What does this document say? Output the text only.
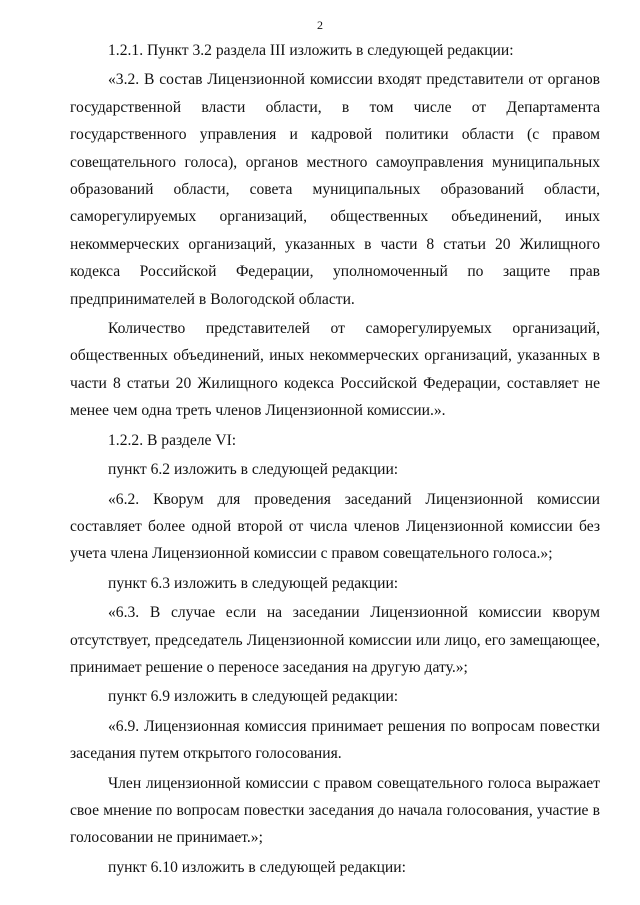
2

1.2.1. Пункт 3.2 раздела III изложить в следующей редакции:

«3.2. В состав Лицензионной комиссии входят представители от органов государственной власти области, в том числе от Департамента государственного управления и кадровой политики области (с правом совещательного голоса), органов местного самоуправления муниципальных образований области, совета муниципальных образований области, саморегулируемых организаций, общественных объединений, иных некоммерческих организаций, указанных в части 8 статьи 20 Жилищного кодекса Российской Федерации, уполномоченный по защите прав предпринимателей в Вологодской области.

Количество представителей от саморегулируемых организаций, общественных объединений, иных некоммерческих организаций, указанных в части 8 статьи 20 Жилищного кодекса Российской Федерации, составляет не менее чем одна треть членов Лицензионной комиссии.».

1.2.2. В разделе VI:

пункт 6.2 изложить в следующей редакции:

«6.2. Кворум для проведения заседаний Лицензионной комиссии составляет более одной второй от числа членов Лицензионной комиссии без учета члена Лицензионной комиссии с правом совещательного голоса.»;

пункт 6.3 изложить в следующей редакции:

«6.3. В случае если на заседании Лицензионной комиссии кворум отсутствует, председатель Лицензионной комиссии или лицо, его замещающее, принимает решение о переносе заседания на другую дату.»;

пункт 6.9 изложить в следующей редакции:

«6.9. Лицензионная комиссия принимает решения по вопросам повестки заседания путем открытого голосования.

Член лицензионной комиссии с правом совещательного голоса выражает свое мнение по вопросам повестки заседания до начала голосования, участие в голосовании не принимает.»;

пункт 6.10 изложить в следующей редакции:
